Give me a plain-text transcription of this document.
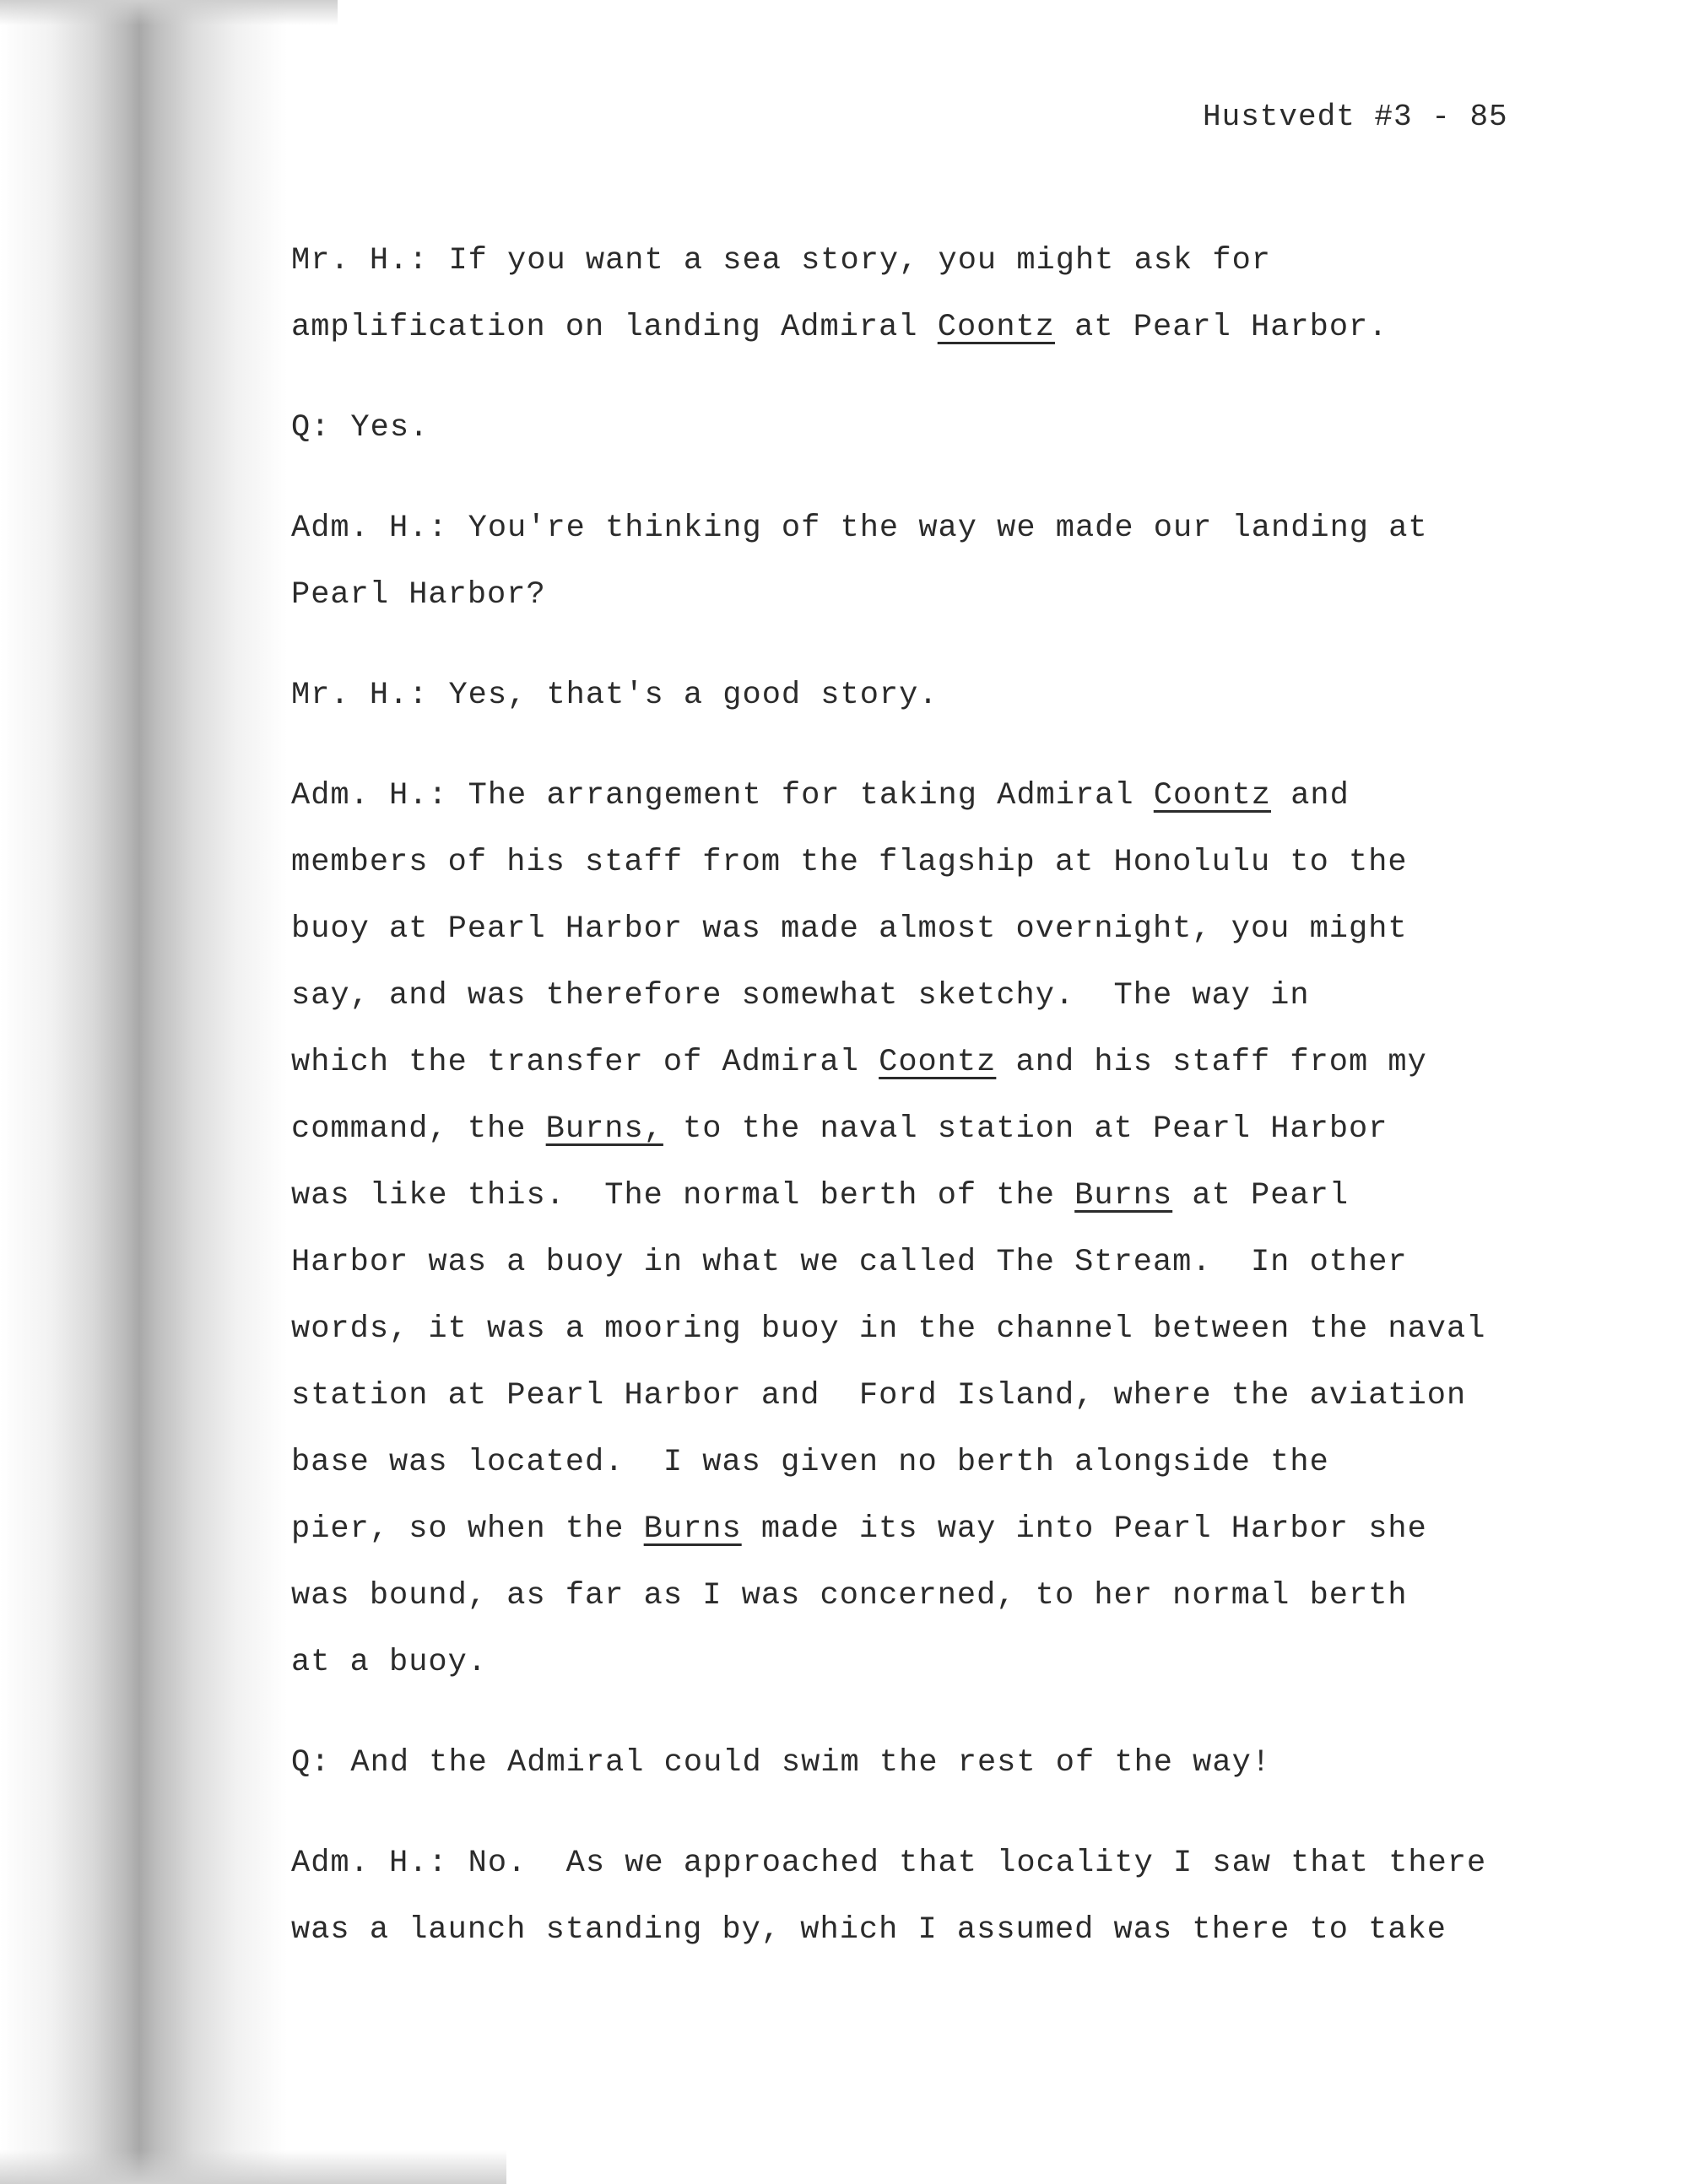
Hustvedt #3 - 85
Mr. H.: If you want a sea story, you might ask for
amplification on landing Admiral Coontz at Pearl Harbor.
Q: Yes.
Adm. H.: You're thinking of the way we made our landing at
Pearl Harbor?
Mr. H.: Yes, that's a good story.
Adm. H.: The arrangement for taking Admiral Coontz and
members of his staff from the flagship at Honolulu to the
buoy at Pearl Harbor was made almost overnight, you might
say, and was therefore somewhat sketchy.  The way in
which the transfer of Admiral Coontz and his staff from my
command, the Burns, to the naval station at Pearl Harbor
was like this.  The normal berth of the Burns at Pearl
Harbor was a buoy in what we called The Stream.  In other
words, it was a mooring buoy in the channel between the naval
station at Pearl Harbor and  Ford Island, where the aviation
base was located.  I was given no berth alongside the
pier, so when the Burns made its way into Pearl Harbor she
was bound, as far as I was concerned, to her normal berth
at a buoy.
Q: And the Admiral could swim the rest of the way!
Adm. H.: No.  As we approached that locality I saw that there
was a launch standing by, which I assumed was there to take
